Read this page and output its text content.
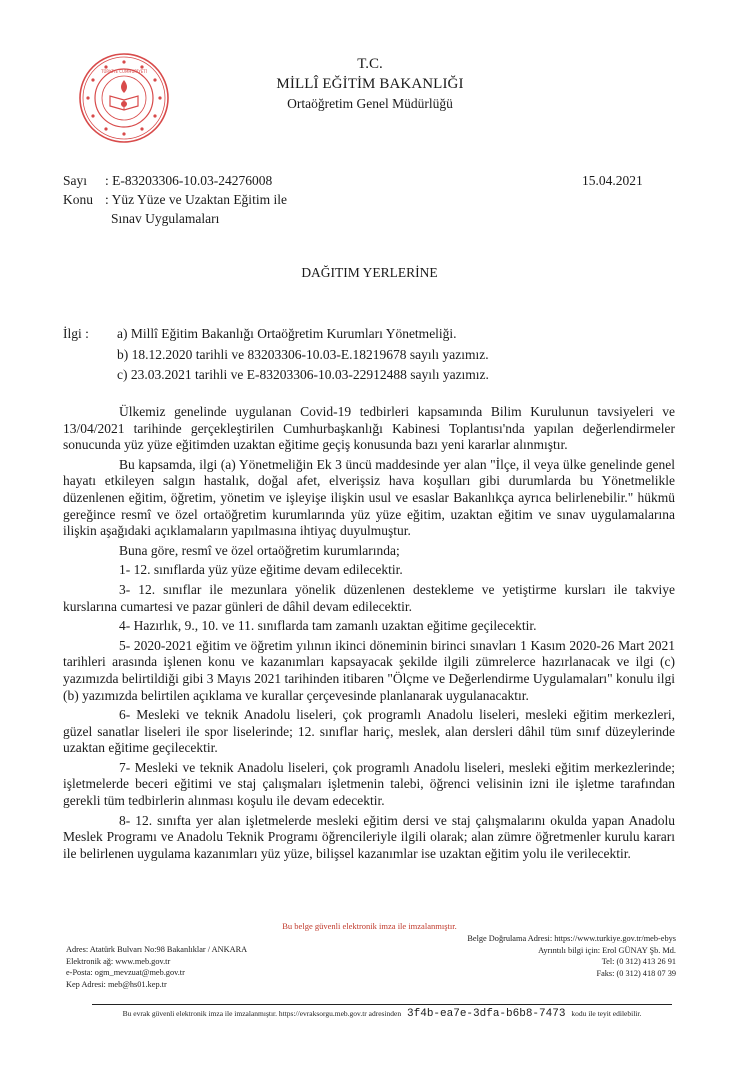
TÜRKİYE CUMHURİYETİ	T.C.
MİLLÎ EĞİTİM BAKANLIĞI
Ortaöğretim Genel Müdürlüğü
Sayı	: E-83203306-10.03-24276008
Konu : Yüz Yüze ve Uzaktan Eğitim ile
Sınav Uygulamaları
15.04.2021
DAĞITIM YERLERİNE
İlgi :	a) Millî Eğitim Bakanlığı Ortaöğretim Kurumları Yönetmeliği.
b) 18.12.2020 tarihli ve 83203306-10.03-E.18219678 sayılı yazımız.
c) 23.03.2021 tarihli ve E-83203306-10.03-22912488 sayılı yazımız.

Ülkemiz genelinde uygulanan Covid-19 tedbirleri kapsamında Bilim Kurulunun tavsiyeleri ve 13/04/2021 tarihinde gerçekleştirilen Cumhurbaşkanlığı Kabinesi Toplantısı'nda yapılan değerlendirmeler sonucunda yüz yüze eğitimden uzaktan eğitime geçiş konusunda bazı yeni kararlar alınmıştır.

Bu kapsamda, ilgi (a) Yönetmeliğin Ek 3 üncü maddesinde yer alan "İlçe, il veya ülke genelinde genel hayatı etkileyen salgın hastalık, doğal afet, elverişsiz hava koşulları gibi durumlarda bu Yönetmelikle düzenlenen eğitim, öğretim, yönetim ve işleyişe ilişkin usul ve esaslar Bakanlıkça ayrıca belirlenebilir." hükmü gereğince resmî ve özel ortaöğretim kurumlarında yüz yüze eğitim, uzaktan eğitim ve sınav uygulamalarına ilişkin aşağıdaki açıklamaların yapılmasına ihtiyaç duyulmuştur.

Buna göre, resmî ve özel ortaöğretim kurumlarında;

1- 12. sınıflarda yüz yüze eğitime devam edilecektir.

3- 12. sınıflar ile mezunlara yönelik düzenlenen destekleme ve yetiştirme kursları ile takviye kurslarına cumartesi ve pazar günleri de dâhil devam edilecektir.

4- Hazırlık, 9., 10. ve 11. sınıflarda tam zamanlı uzaktan eğitime geçilecektir.

5- 2020-2021 eğitim ve öğretim yılının ikinci döneminin birinci sınavları 1 Kasım 2020-26 Mart 2021 tarihleri arasında işlenen konu ve kazanımları kapsayacak şekilde ilgili zümrelerce hazırlanacak ve ilgi (c) yazımızda belirtildiği gibi 3 Mayıs 2021 tarihinden itibaren "Ölçme ve Değerlendirme Uygulamaları" konulu ilgi (b) yazımızda belirtilen açıklama ve kurallar çerçevesinde planlanarak uygulanacaktır.

6- Mesleki ve teknik Anadolu liseleri, çok programlı Anadolu liseleri, mesleki eğitim merkezleri, güzel sanatlar liseleri ile spor liselerinde; 12. sınıflar hariç, meslek, alan dersleri dâhil tüm sınıf düzeylerinde uzaktan eğitime geçilecektir.

7- Mesleki ve teknik Anadolu liseleri, çok programlı Anadolu liseleri, mesleki eğitim merkezlerinde; işletmelerde beceri eğitimi ve staj çalışmaları işletmenin talebi, öğrenci velisinin izni ile işletme tarafından gerekli tüm tedbirlerin alınması koşulu ile devam edecektir.

8- 12. sınıfta yer alan işletmelerde mesleki eğitim dersi ve staj çalışmalarını okulda yapan Anadolu Meslek Programı ve Anadolu Teknik Programı öğrencileriyle ilgili olarak; alan zümre öğretmenler kurulu kararı ile belirlenen uygulama kazanımları yüz yüze, bilişsel kazanımlar ise uzaktan eğitim yolu ile verilecektir.

Bu belge güvenli elektronik imza ile imzalanmıştır.
Adres: Atatürk Bulvarı No:98 Bakanlıklar / ANKARA
Elektronik ağ: www.meb.gov.tr
e-Posta: ogm_mevzuat@meb.gov.tr
Kep Adresi: meb@hs01.kep.tr
Belge Doğrulama Adresi: https://www.turkiye.gov.tr/meb-ebys
Ayrıntılı bilgi için: Erol GÜNAY Şb. Md.
Tel: (0 312) 413 26 91
Faks: (0 312) 418 07 39
Bu evrak güvenli elektronik imza ile imzalanmıştır. https://evraksorgu.meb.gov.tr adresinden 3f4b-ea7e-3dfa-b6b8-7473 kodu ile teyit edilebilir.
